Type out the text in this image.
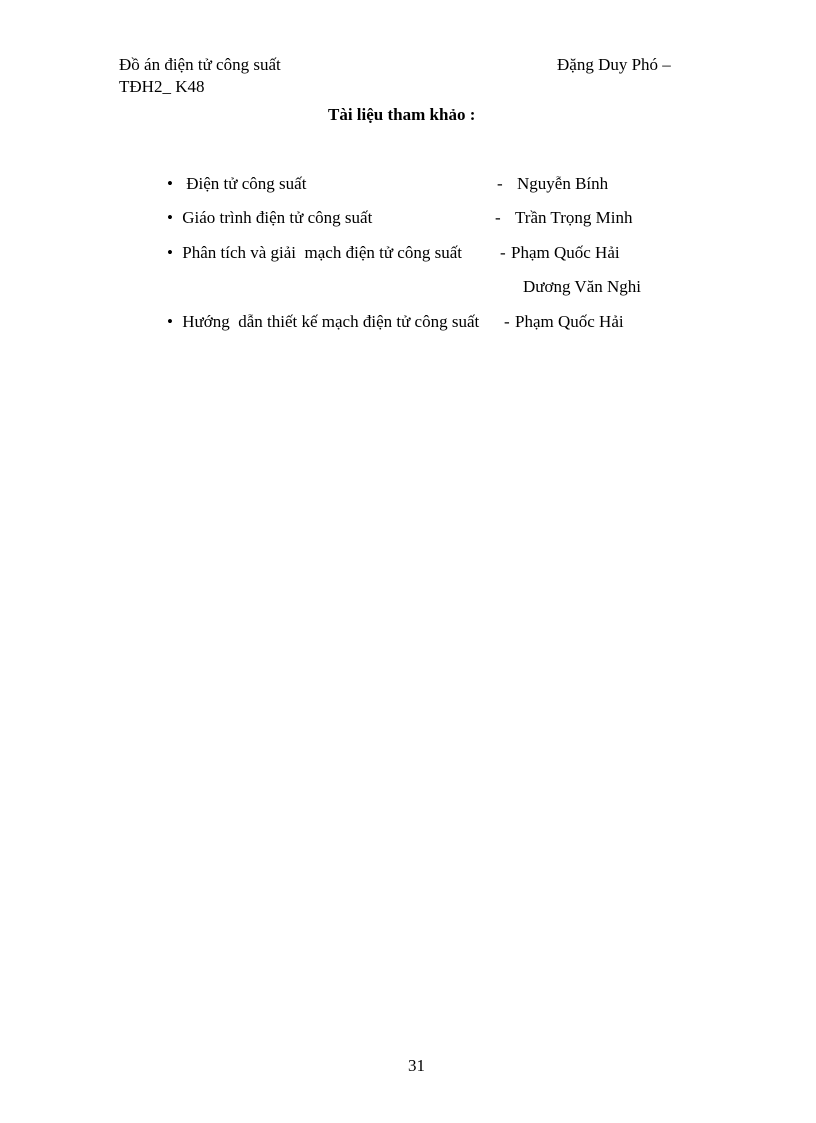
Đồ án điện tử công suất	Đặng Duy Phó –
TĐH2_ K48
Tài liệu tham khảo :
• Điện tử công suất	- Nguyễn Bính
• Giáo trình điện tử công suất	- Trần Trọng Minh
• Phân tích và giải  mạch điện tử công suất - Phạm Quốc Hải
Dương Văn Nghi
• Hướng  dẫn thiết kế mạch điện tử công suất - Phạm Quốc Hải
31
